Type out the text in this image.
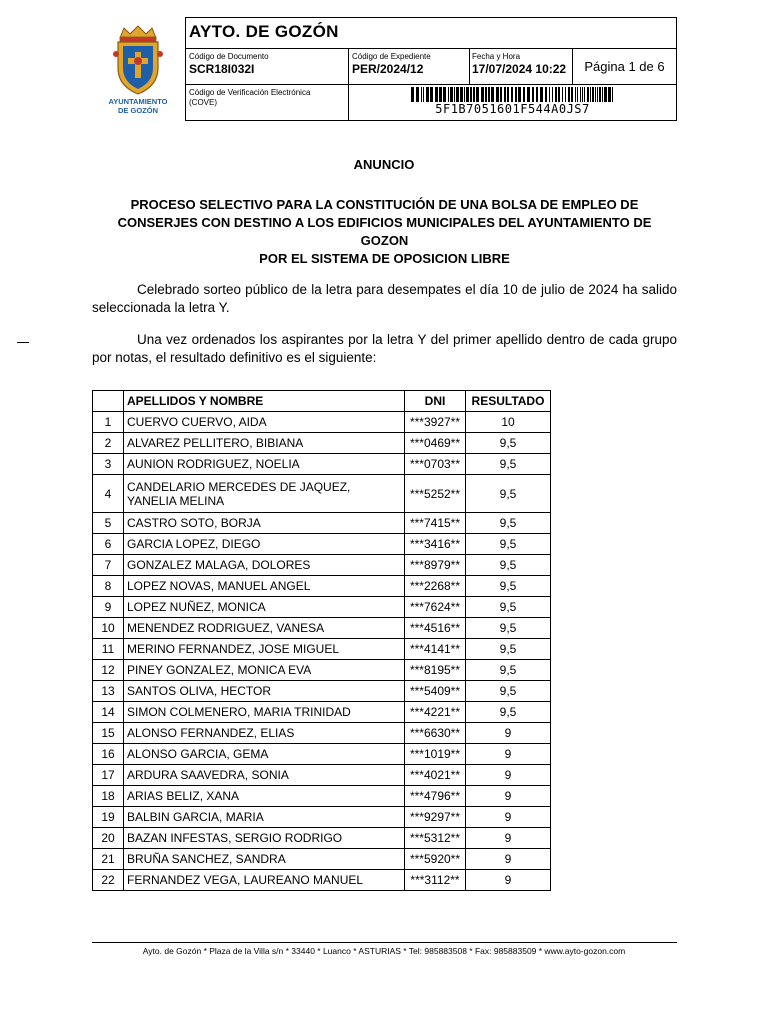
AYUNTAMIENTO
DE GOZÓN
AYTO. DE GOZÓN
Código de Documento
SCR18I032I
Código de Expediente
PER/2024/12
Fecha y Hora
17/07/2024 10:22	Página 1 de 6
Código de Verificación Electrónica
(COVE)	5F1B7051601F544A0JS7
ANUNCIO
PROCESO SELECTIVO PARA LA CONSTITUCIÓN DE UNA BOLSA DE EMPLEO DE
CONSERJES CON DESTINO A LOS EDIFICIOS MUNICIPALES DEL AYUNTAMIENTO DE GOZON
POR EL SISTEMA DE OPOSICION LIBRE
Celebrado sorteo público de la letra para desempates el día 10 de julio de 2024 ha salido seleccionada la letra Y.
Una vez ordenados los aspirantes por la letra Y del primer apellido dentro de cada grupo por notas, el resultado definitivo es el siguiente:
	APELLIDOS Y NOMBRE	DNI	RESULTADO
1	CUERVO CUERVO, AIDA	***3927**	10
2	ALVAREZ PELLITERO, BIBIANA	***0469**	9,5
3	AUNION RODRIGUEZ, NOELIA	***0703**	9,5
4	CANDELARIO MERCEDES DE JAQUEZ, YANELIA MELINA	***5252**	9,5
5	CASTRO SOTO, BORJA	***7415**	9,5
6	GARCIA LOPEZ, DIEGO	***3416**	9,5
7	GONZALEZ MALAGA, DOLORES	***8979**	9,5
8	LOPEZ NOVAS, MANUEL ANGEL	***2268**	9,5
9	LOPEZ NUÑEZ, MONICA	***7624**	9,5
10	MENENDEZ RODRIGUEZ, VANESA	***4516**	9,5
11	MERINO FERNANDEZ, JOSE MIGUEL	***4141**	9,5
12	PINEY GONZALEZ, MONICA EVA	***8195**	9,5
13	SANTOS OLIVA, HECTOR	***5409**	9,5
14	SIMON COLMENERO, MARIA TRINIDAD	***4221**	9,5
15	ALONSO FERNANDEZ, ELIAS	***6630**	9
16	ALONSO GARCIA, GEMA	***1019**	9
17	ARDURA SAAVEDRA, SONIA	***4021**	9
18	ARIAS BELIZ, XANA	***4796**	9
19	BALBIN GARCIA, MARIA	***9297**	9
20	BAZAN INFESTAS, SERGIO RODRIGO	***5312**	9
21	BRUÑA SANCHEZ, SANDRA	***5920**	9
22	FERNANDEZ VEGA, LAUREANO MANUEL	***3112**	9
Ayto. de Gozón * Plaza de la Villa s/n * 33440 * Luanco * ASTURIAS * Tel: 985883508 * Fax: 985883509 * www.ayto-gozon.com
